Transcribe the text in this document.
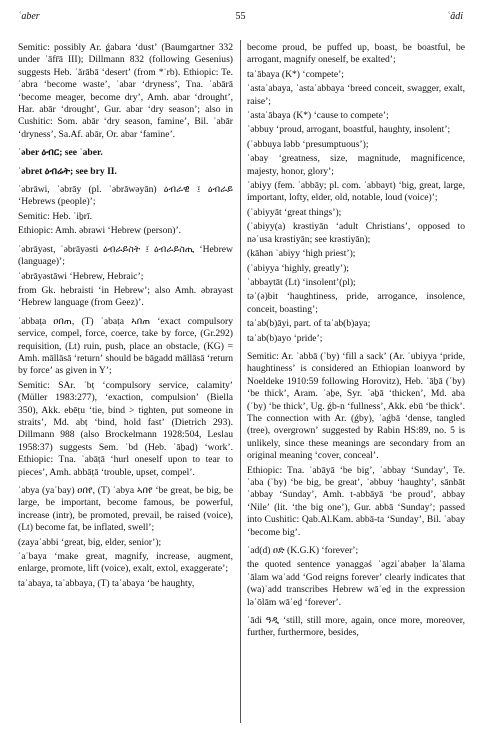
ʿaber	55	ʿādi

Semitic: possibly Ar. ǵabara ʻdustʼ (Baumgartner 332 under ʿāfr̄ā III); Dillmann 832 (following Gesenius) suggests Heb. ʿărābā ʻdesertʼ (from *ʿrb). Ethiopic: Te. ʿabra ʻbecome wasteʼ, ʿabar ʻdrynessʼ, Tna. ʿabārā ʻbecome meager, become dryʼ, Amh. abar ʻdroughtʼ, Har. abār ʻdroughtʼ, Gur. abar ʻdry seasonʼ; also in Cushitic: Som. abār ʻdry season, famineʼ, Bil. ʿabār ʻdrynessʼ, Sa.Af. abār, Or. abar ʻfamineʼ.

ʿəber ዕብር; see ʿaber.

ʿəbret ዕብሬት; see bry II.

ʿəbrāwi, ʿəbrāy (pl. ʿəbrāwəyān) ዕብራዊ ፤ ዕብራይ ʻHebrews (people)ʼ;

Semitic: Heb. ʿiḇrī.

Ethiopic: Amh. əbrawi ʻHebrew (person)ʼ.

ʿəbrāyəst, ʿəbrāyəsti ዕብራይስት ፤ ዕብራይስጢ ʻHebrew (language)ʼ;

ʿəbrāyəstāwi ʻHebrew, Hebraicʼ;

from Gk. hebraisti ʻin Hebrewʼ; also Amh. əbrayəst ʻHebrew language (from Geez)ʼ.

ʿabbaṭa ዐበጠ, (T) ʾabaṭa ኣበጠ ʻexact compulsory service, compel, force, coerce, take by force, (Gr.292) requisition, (Lt) ruin, push, place an obstacle, (KG) = Amh. māllāsā ʻreturnʼ should be bāgadd māllāsā ʻreturn by forceʼ as given in Yʼ;

Semitic: SAr. ʿbṭ ʻcompulsory service, calamityʼ (Müller 1983:277), ʻexaction, compulsionʼ (Biella 350), Akk. ebēṭu ʻtie, bind > tighten, put someone in straitsʼ, Md. abṭ ʻbind, hold fastʼ (Dietrich 293). Dillmann 988 (also Brockelmann 1928:504, Leslau 1958:37) suggests Sem. ʿbd (Heb. ʿāḇaḏ) ʻworkʼ. Ethiopic: Tna. ʿabāṭā ʻhurl oneself upon to tear to piecesʼ, Amh. abbāṭā ʻtrouble, upset, compelʼ.

ʿabya (yaʿbay) ዐበየ, (T) ʾabya ኣበየ ʻbe great, be big, be large, be important, become famous, be powerful, increase (intr), be promoted, prevail, be raised (voice), (Lt) become fat, be inflated, swellʼ;

(zayaʿabbi ʻgreat, big, elder, seniorʼ);

ʾaʿbaya ʻmake great, magnify, increase, augment, enlarge, promote, lift (voice), exalt, extol, exaggerateʼ;

taʿabaya, taʿabbaya, (T) taʿabaya ʻbe haughty,

become proud, be puffed up, boast, be boastful, be arrogant, magnify oneself, be exaltedʼ;

taʿābaya (K*) ʻcompeteʼ;

ʾastaʿabaya, ʾastaʿabbaya ʻbreed conceit, swagger, exalt, raiseʼ;

ʾastaʿābaya (K*) ʻcause to competeʼ;

ʿəbbuy ʻproud, arrogant, boastful, haughty, insolentʼ;

(ʿəbbuya ləbb ʻpresumptuousʼ);

ʿəbay ʻgreatness, size, magnitude, magnificence, majesty, honor, gloryʼ;

ʿabiyy (fem. ʿabbāy; pl. com. ʿabbayt) ʻbig, great, large, important, lofty, elder, old, notable, loud (voice)ʼ;

(ʿabiyyāt ʻgreat thingsʼ);

(ʿabiyy(a) krəstiyān ʻadult Christiansʼ, opposed to nəʾusa krəstiyān; see krəstiyān);

(kāhən ʿabiyy ʻhigh priestʼ);

(ʿabiyya ʻhighly, greatlyʼ);

ʿabbaytāt (Lt) ʻinsolentʼ(pl);

təʿ(ə)bit ʻhaughtiness, pride, arrogance, insolence, conceit, boastingʼ;

taʿab(b)āyi, part. of taʿab(b)aya;

taʿab(b)ayo ʻprideʼ;

Semitic: Ar. ʿabbā (ʿby) ʻfill a sackʼ (Ar. ʿubiyya ʻpride, haughtinessʼ is considered an Ethiopian loanword by Noeldeke 1910:59 following Horovitz), Heb. ʿāḇā (ʿby) ʻbe thickʼ, Aram. ʿəḇe, Syr. ʿəḇā ʻthickenʼ, Md. aba (ʿby) ʻbe thickʼ, Ug. ǵb-n ʻfullnessʼ, Akk. ebū ʻbe thickʼ. The connection with Ar. (ǵby), ʿaǵbā ʻdense, tangled (tree), overgrownʼ suggested by Rabin HS:89, no. 5 is unlikely, since these meanings are secondary from an original meaning ʻcover, concealʼ.

Ethiopic: Tna. ʿabāyā ʻbe bigʼ, ʿabbay ʻSundayʼ, Te. ʿaba (ʿby) ʻbe big, be greatʼ, ʿəbbuy ʻhaughtyʼ, sānbāt ʿabbay ʻSundayʼ, Amh. t-abbāyā ʻbe proudʼ, abbay ʻNileʼ (lit. ʻthe big oneʼ), Gur. abbā ʻSundayʼ; passed into Cushitic: Qab.Al.Kam. abbā-ta ʻSundayʼ, Bil. ʿabay ʻbecome bigʼ.

ʿad(d) ዐድ (K.G.K) ʻforeverʼ;

the quoted sentence yənaggəś ʾəgziʾabəḥer laʿālama ʿālam waʿadd ʻGod reigns foreverʼ clearly indicates that (wa)ʿadd transcribes Hebrew wāʿeḏ in the expression ləʿōlām wāʿeḏ ʻforeverʼ.

ʿādi ዓዲ ʻstill, still more, again, once more, moreover, further, furthermore, besides,
